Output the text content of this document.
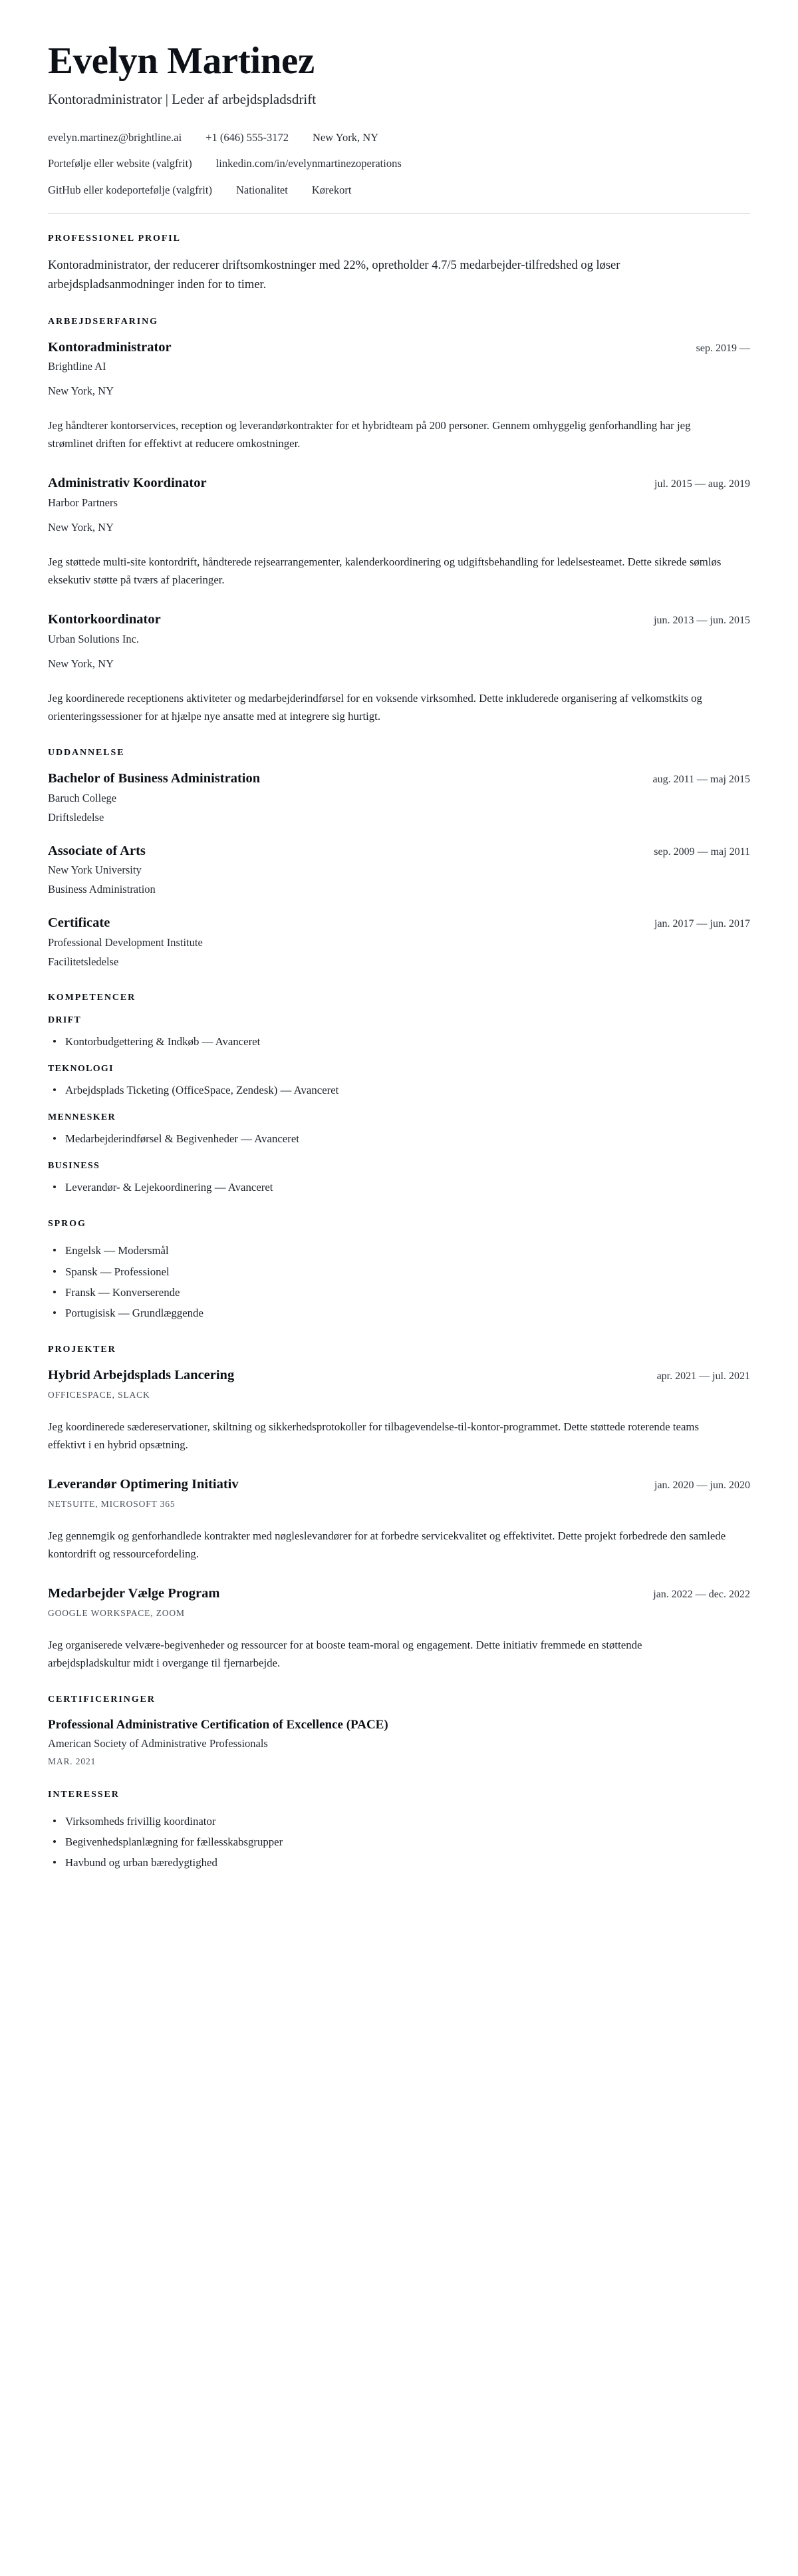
Evelyn Martinez
Kontoradministrator | Leder af arbejdspladsdrift
evelyn.martinez@brightline.ai +1 (646) 555-3172 New York, NY
Portefølje eller website (valgfrit) linkedin.com/in/evelynmartinezoperations
GitHub eller kodeportefølje (valgfrit) Nationalitet Kørekort
PROFESSIONEL PROFIL

Kontoradministrator, der reducerer driftsomkostninger med 22%, opretholder 4.7/5 medarbejder-tilfredshed og løser arbejdspladsanmodninger inden for to timer.

ARBEJDSERFARING
Kontoradministrator	sep. 2019 —
Brightline AI
New York, NY

Jeg håndterer kontorservices, reception og leverandørkontrakter for et hybridteam på 200 personer. Gennem omhyggelig genforhandling har jeg strømlinet driften for effektivt at reducere omkostninger.

Administrativ Koordinator	jul. 2015 — aug. 2019
Harbor Partners
New York, NY

Jeg støttede multi-site kontordrift, håndterede rejsearrangementer, kalenderkoordinering og udgiftsbehandling for ledelsesteamet. Dette sikrede sømløs eksekutiv støtte på tværs af placeringer.

Kontorkoordinator	jun. 2013 — jun. 2015
Urban Solutions Inc.
New York, NY

Jeg koordinerede receptionens aktiviteter og medarbejderindførsel for en voksende virksomhed. Dette inkluderede organisering af velkomstkits og orienteringssessioner for at hjælpe nye ansatte med at integrere sig hurtigt.

UDDANNELSE
Bachelor of Business Administration	aug. 2011 — maj 2015
Baruch College
Driftsledelse
Associate of Arts	sep. 2009 — maj 2011
New York University
Business Administration
Certificate	jan. 2017 — jun. 2017
Professional Development Institute
Facilitetsledelse
KOMPETENCER
DRIFT
Kontorbudgettering & Indkøb — Avanceret
TEKNOLOGI
Arbejdsplads Ticketing (OfficeSpace, Zendesk) — Avanceret
MENNESKER
Medarbejderindførsel & Begivenheder — Avanceret
BUSINESS
Leverandør- & Lejekoordinering — Avanceret
SPROG
Engelsk — Modersmål
Spansk — Professionel
Fransk — Konverserende
Portugisisk — Grundlæggende
PROJEKTER
Hybrid Arbejdsplads Lancering	apr. 2021 — jul. 2021
OFFICESPACE, SLACK

Jeg koordinerede sædereservationer, skiltning og sikkerhedsprotokoller for tilbagevendelse-til-kontor-programmet. Dette støttede roterende teams effektivt i en hybrid opsætning.

Leverandør Optimering Initiativ	jan. 2020 — jun. 2020
NETSUITE, MICROSOFT 365

Jeg gennemgik og genforhandlede kontrakter med nøgleslevandører for at forbedre servicekvalitet og effektivitet. Dette projekt forbedrede den samlede kontordrift og ressourcefordeling.

Medarbejder Vælge Program	jan. 2022 — dec. 2022
GOOGLE WORKSPACE, ZOOM

Jeg organiserede velvære-begivenheder og ressourcer for at booste team-moral og engagement. Dette initiativ fremmede en støttende arbejdspladskultur midt i overgange til fjernarbejde.

CERTIFICERINGER
Professional Administrative Certification of Excellence (PACE)
American Society of Administrative Professionals
MAR. 2021
INTERESSER
Virksomheds frivillig koordinator
Begivenhedsplanlægning for fællesskabsgrupper
Havbund og urban bæredygtighed
